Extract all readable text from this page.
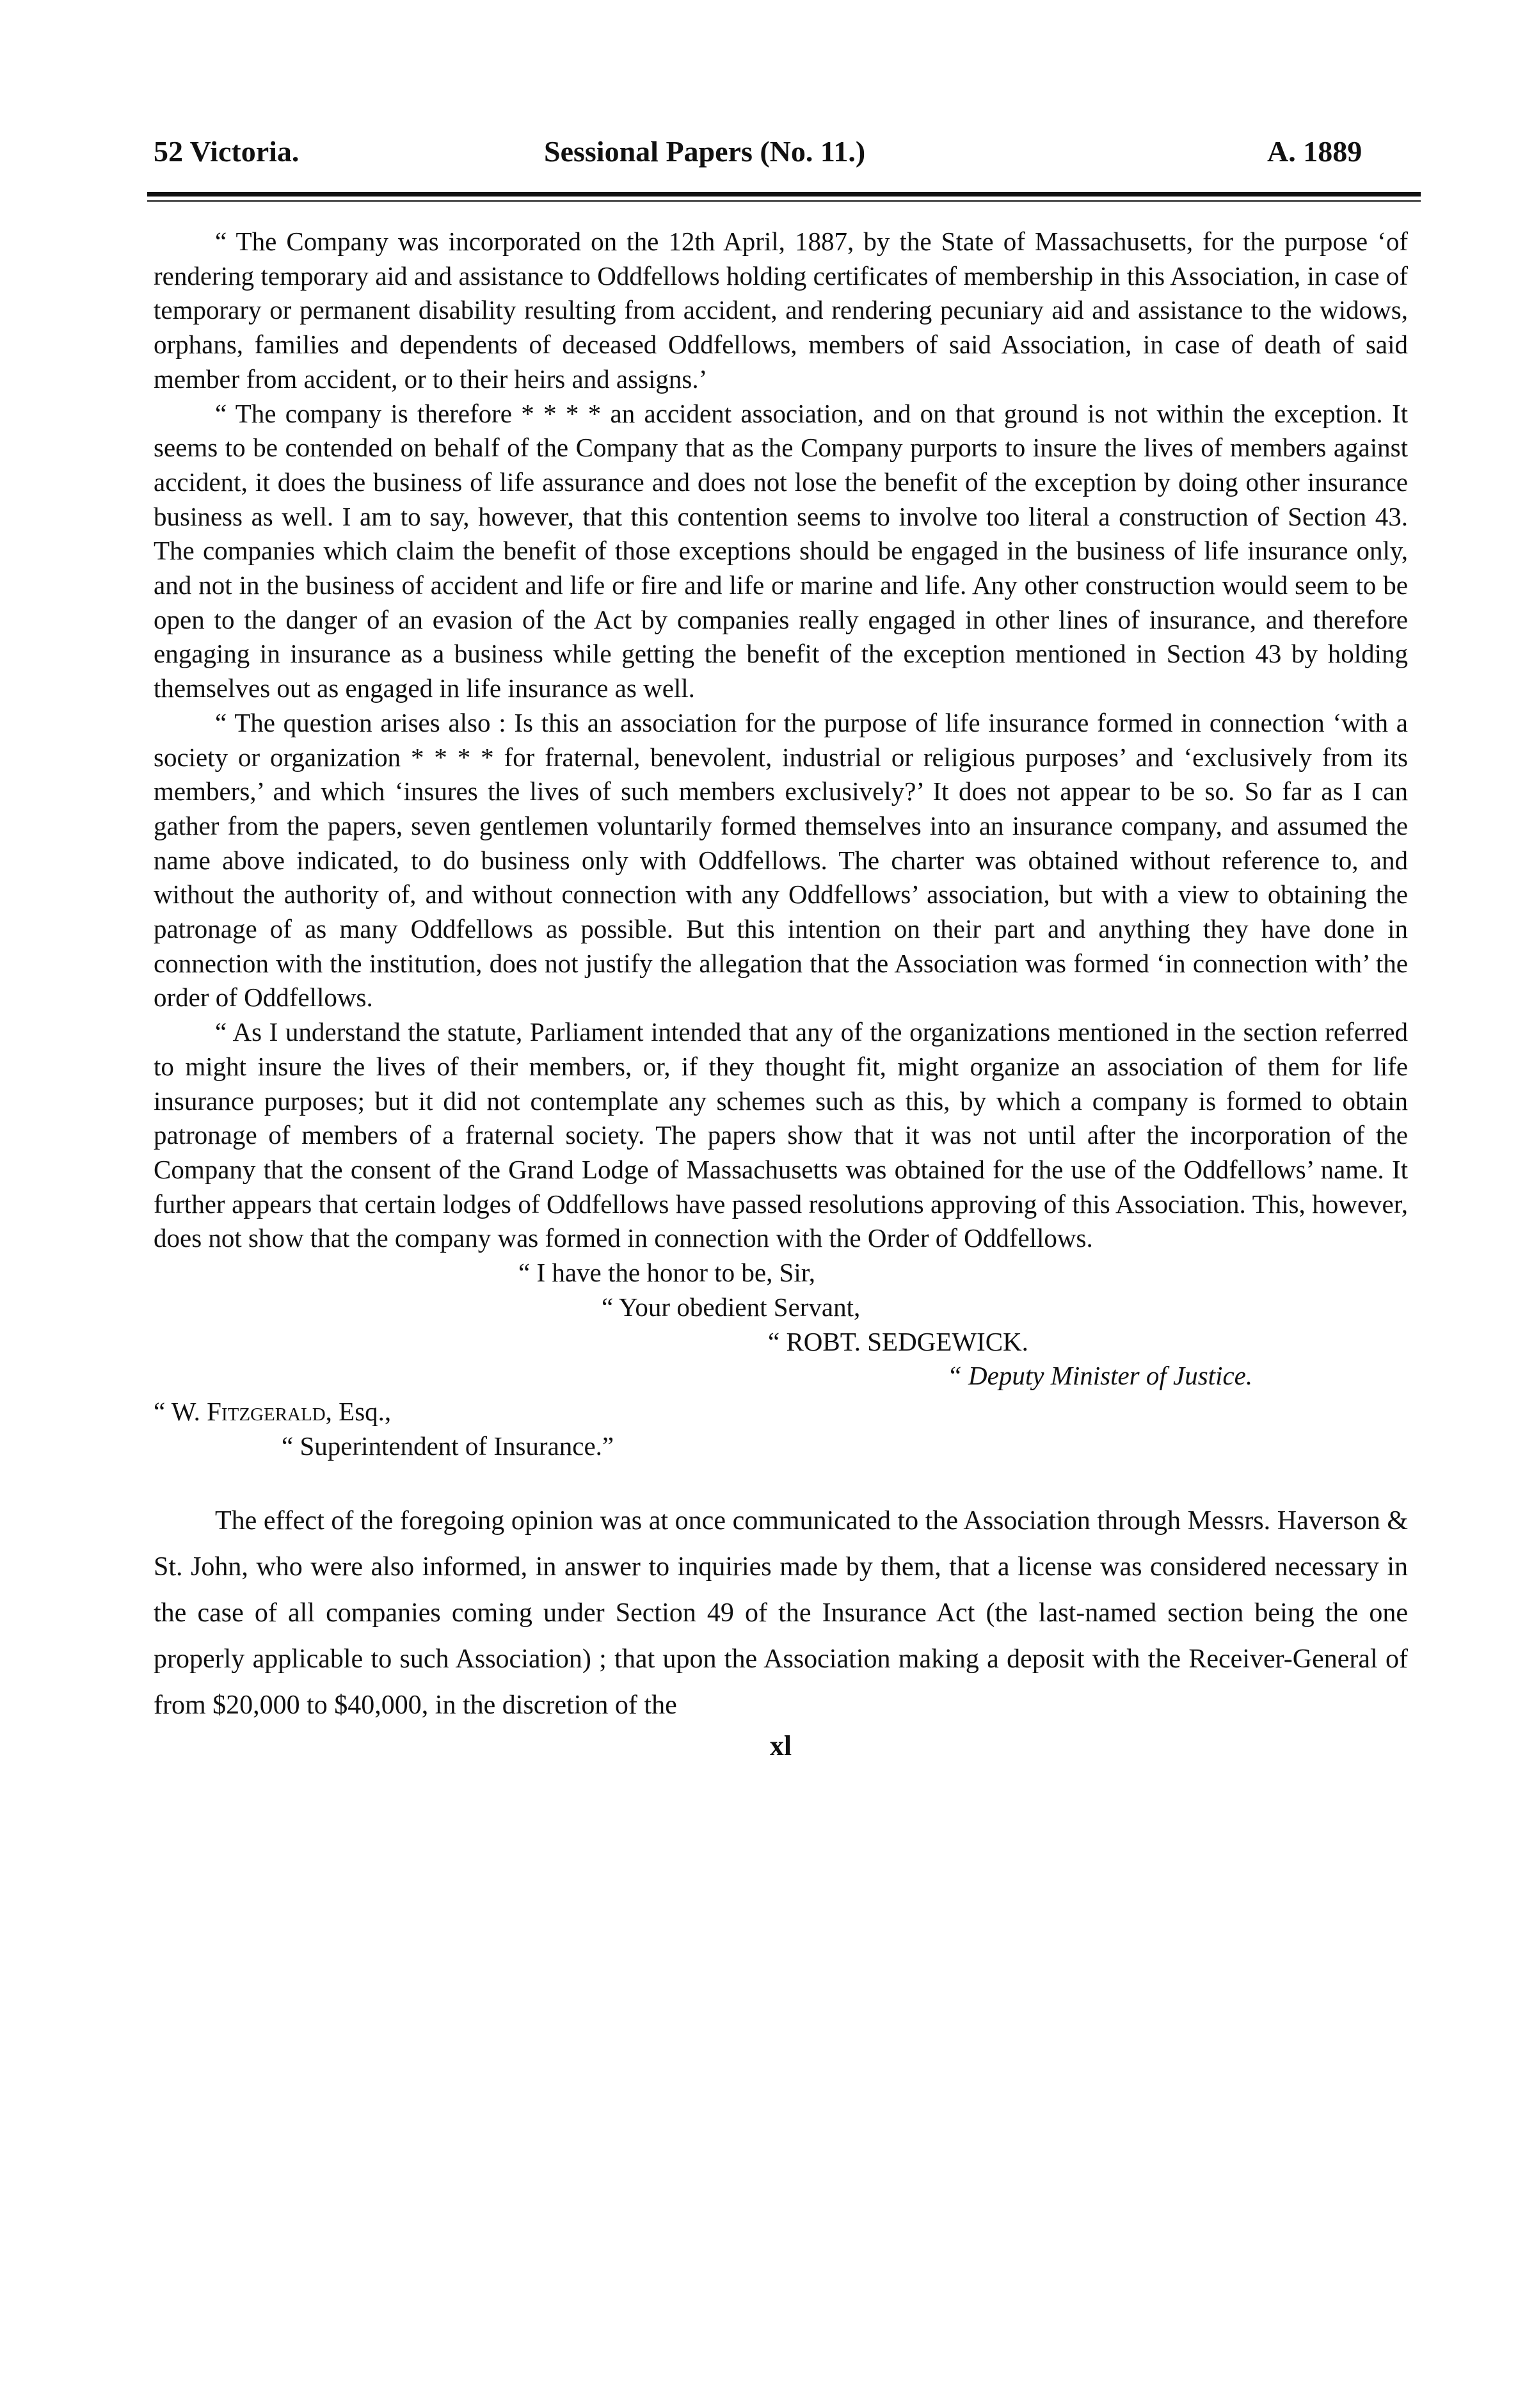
52 Victoria.	Sessional Papers (No. 11.)	A. 1889

“ The Company was incorporated on the 12th April, 1887, by the State of Massachusetts, for the purpose ‘of rendering temporary aid and assistance to Oddfellows holding certificates of membership in this Association, in case of temporary or permanent disability resulting from accident, and rendering pecuniary aid and assistance to the widows, orphans, families and dependents of deceased Oddfellows, members of said Association, in case of death of said member from accident, or to their heirs and assigns.’

“ The company is therefore * * * * an accident association, and on that ground is not within the exception. It seems to be contended on behalf of the Company that as the Company purports to insure the lives of members against accident, it does the business of life assurance and does not lose the benefit of the exception by doing other insurance business as well. I am to say, however, that this contention seems to involve too literal a construction of Section 43. The companies which claim the benefit of those exceptions should be engaged in the business of life insurance only, and not in the business of accident and life or fire and life or marine and life. Any other construction would seem to be open to the danger of an evasion of the Act by companies really engaged in other lines of insurance, and therefore engaging in insurance as a business while getting the benefit of the exception mentioned in Section 43 by holding themselves out as engaged in life insurance as well.

“ The question arises also : Is this an association for the purpose of life insurance formed in connection ‘with a society or organization * * * * for fraternal, benevolent, industrial or religious purposes’ and ‘exclusively from its members,’ and which ‘insures the lives of such members exclusively?’ It does not appear to be so. So far as I can gather from the papers, seven gentlemen voluntarily formed themselves into an insurance company, and assumed the name above indicated, to do business only with Oddfellows. The charter was obtained without reference to, and without the authority of, and without connection with any Oddfellows’ association, but with a view to obtaining the patronage of as many Oddfellows as possible. But this intention on their part and anything they have done in connection with the institution, does not justify the allegation that the Association was formed ‘in connection with’ the order of Oddfellows.

“ As I understand the statute, Parliament intended that any of the organizations mentioned in the section referred to might insure the lives of their members, or, if they thought fit, might organize an association of them for life insurance purposes; but it did not contemplate any schemes such as this, by which a company is formed to obtain patronage of members of a fraternal society. The papers show that it was not until after the incorporation of the Company that the consent of the Grand Lodge of Massachusetts was obtained for the use of the Oddfellows’ name. It further appears that certain lodges of Oddfellows have passed resolutions approving of this Association. This, however, does not show that the company was formed in connection with the Order of Oddfellows.

“ I have the honor to be, Sir,
“ Your obedient Servant,
“ ROBT. SEDGEWICK.
“ Deputy Minister of Justice.
“ W. Fitzgerald, Esq.,
“ Superintendent of Insurance.”

The effect of the foregoing opinion was at once communicated to the Association through Messrs. Haverson & St. John, who were also informed, in answer to inquiries made by them, that a license was considered necessary in the case of all companies coming under Section 49 of the Insurance Act (the last-named section being the one properly applicable to such Association) ; that upon the Association making a deposit with the Receiver-General of from $20,000 to $40,000, in the discretion of the

xl
